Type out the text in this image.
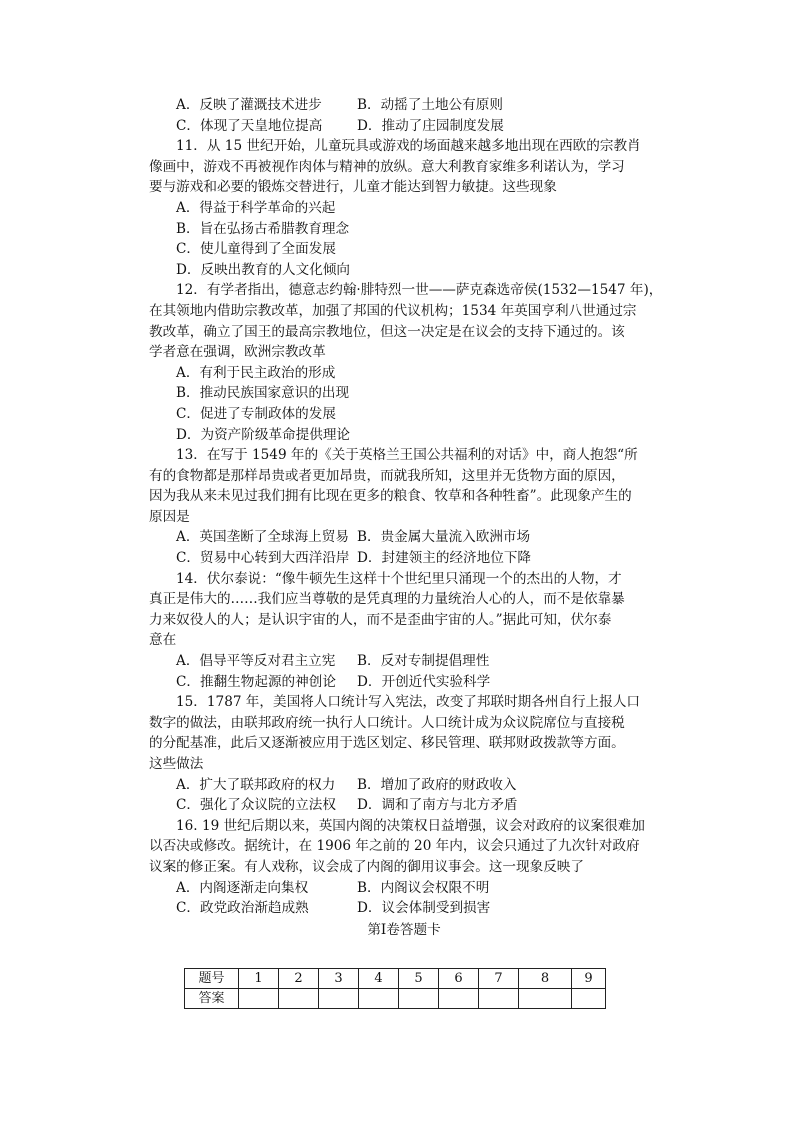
A．反映了灌溉技术进步	B．动摇了土地公有原则
C．体现了天皇地位提高	D．推动了庄园制度发展
11．从 15 世纪开始，儿童玩具或游戏的场面越来越多地出现在西欧的宗教肖
像画中，游戏不再被视作肉体与精神的放纵。意大利教育家维多利诺认为，学习
要与游戏和必要的锻炼交替进行，儿童才能达到智力敏捷。这些现象
A．得益于科学革命的兴起
B．旨在弘扬古希腊教育理念
C．使儿童得到了全面发展
D．反映出教育的人文化倾向
12．有学者指出，德意志约翰·腓特烈一世——萨克森选帝侯(1532—1547 年)，
在其领地内借助宗教改革，加强了邦国的代议机构；1534 年英国亨利八世通过宗
教改革，确立了国王的最高宗教地位，但这一决定是在议会的支持下通过的。该
学者意在强调，欧洲宗教改革
A．有利于民主政治的形成
B．推动民族国家意识的出现
C．促进了专制政体的发展
D．为资产阶级革命提供理论
13．在写于 1549 年的《关于英格兰王国公共福利的对话》中，商人抱怨“所
有的食物都是那样昂贵或者更加昂贵，而就我所知，这里并无货物方面的原因，
因为我从来未见过我们拥有比现在更多的粮食、牧草和各种牲畜”。此现象产生的
原因是
A．英国垄断了全球海上贸易 B．贵金属大量流入欧洲市场
C．贸易中心转到大西洋沿岸 D．封建领主的经济地位下降
14．伏尔泰说：“像牛顿先生这样十个世纪里只涌现一个的杰出的人物，才
真正是伟大的……我们应当尊敬的是凭真理的力量统治人心的人，而不是依靠暴
力来奴役人的人；是认识宇宙的人，而不是歪曲宇宙的人。”据此可知，伏尔泰
意在
A．倡导平等反对君主立宪	B．反对专制提倡理性
C．推翻生物起源的神创论	D．开创近代实验科学
15．1787 年，美国将人口统计写入宪法，改变了邦联时期各州自行上报人口
数字的做法，由联邦政府统一执行人口统计。人口统计成为众议院席位与直接税
的分配基准，此后又逐渐被应用于选区划定、移民管理、联邦财政拨款等方面。
这些做法
A．扩大了联邦政府的权力	B．增加了政府的财政收入
C．强化了众议院的立法权	D．调和了南方与北方矛盾
16. 19 世纪后期以来，英国内阁的决策权日益增强，议会对政府的议案很难加
以否决或修改。据统计，在 1906 年之前的 20 年内，议会只通过了九次针对政府
议案的修正案。有人戏称，议会成了内阁的御用议事会。这一现象反映了
A．内阁逐渐走向集权	B．内阁议会权限不明
C．政党政治渐趋成熟	D．议会体制受到损害
第Ⅰ卷答题卡
题号	1	2	3	4	5	6	7	8	9
答案									
